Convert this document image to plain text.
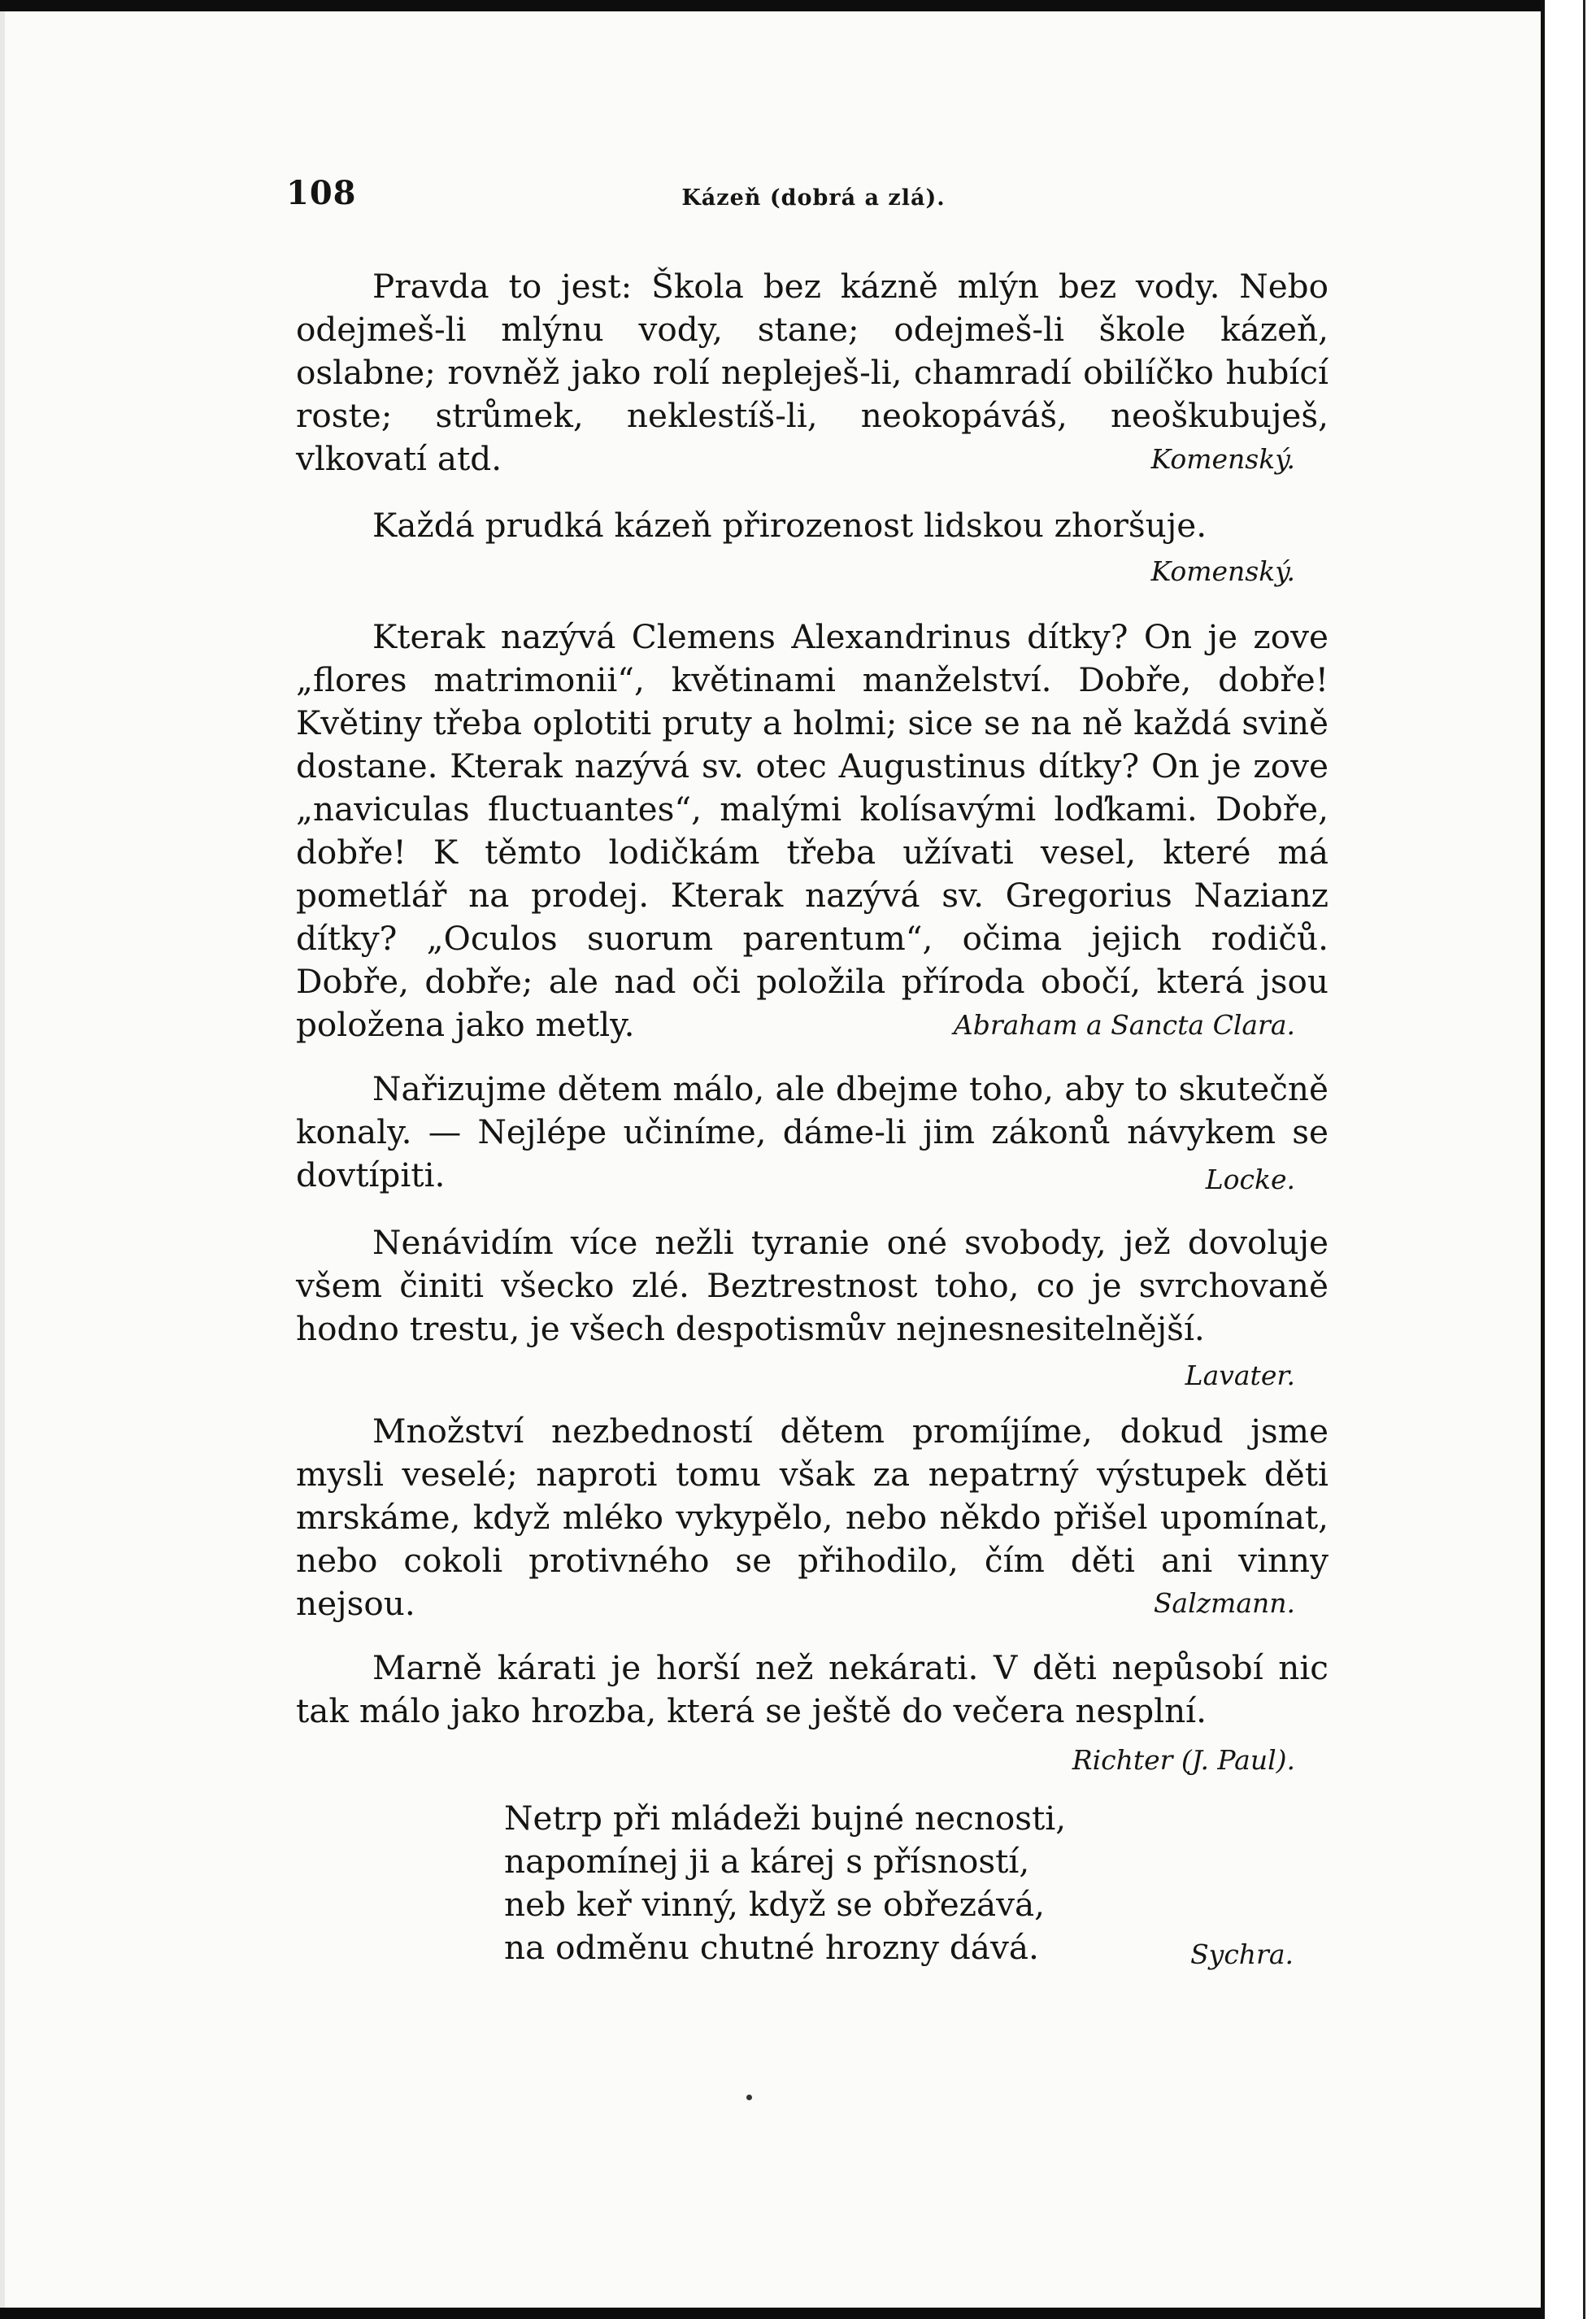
108	Kázeň (dobrá a zlá).

Pravda to jest: Škola bez kázně mlýn bez vody. Nebo odejmeš-li mlýnu vody, stane; odejmeš-li škole kázeň, oslabne; rovněž jako rolí nepleješ-li, chamradí obilíčko hubící roste; strůmek, neklestíš-li, neokopáváš, neoškubuješ, vlkovatí atd.	Komenský.

Každá prudká kázeň přirozenost lidskou zhoršuje.

Komenský.

Kterak nazývá Clemens Alexandrinus dítky? On je zove „flores matrimonii“, květinami manželství. Dobře, dobře! Květiny třeba oplotiti pruty a holmi; sice se na ně každá svině dostane. Kterak nazývá sv. otec Augustinus dítky? On je zove „naviculas fluctuantes“, malými kolísavými loďkami. Dobře, dobře! K těmto lodičkám třeba užívati vesel, které má pometlář na prodej. Kterak nazývá sv. Gregorius Nazianz dítky? „Oculos suorum parentum“, očima jejich rodičů. Dobře, dobře; ale nad oči položila příroda obočí, která jsou položena jako metly.	Abraham a Sancta Clara.

Nařizujme dětem málo, ale dbejme toho, aby to skutečně konaly. — Nejlépe učiníme, dáme-li jim zákonů návykem se dovtípiti.	Locke.

Nenávidím více nežli tyranie oné svobody, jež dovoluje všem činiti všecko zlé. Beztrestnost toho, co je svrchovaně hodno trestu, je všech despotismův nejnesnesitelnější.

Lavater.

Množství nezbedností dětem promíjíme, dokud jsme mysli veselé; naproti tomu však za nepatrný výstupek děti mrskáme, když mléko vykypělo, nebo někdo přišel upomínat, nebo cokoli protivného se přihodilo, čím děti ani vinny nejsou.	Salzmann.

Marně kárati je horší než nekárati. V děti nepůsobí nic tak málo jako hrozba, která se ještě do večera nesplní.

Richter (J. Paul).
Netrp při mládeži bujné necnosti,
napomínej ji a kárej s přísností,
neb keř vinný, když se obřezává,
na odměnu chutné hrozny dává.	Sychra.
